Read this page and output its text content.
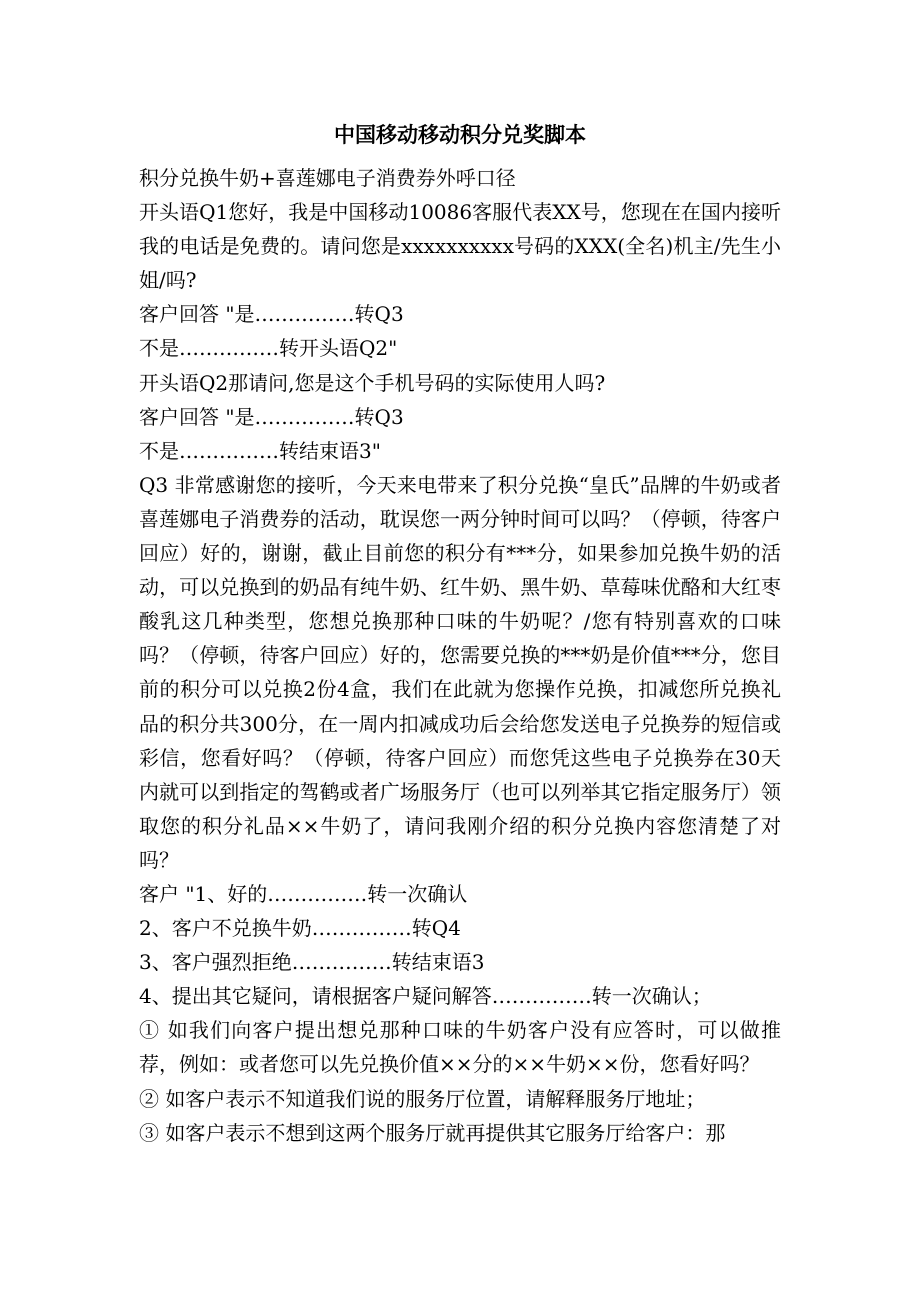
中国移动移动积分兑奖脚本

积分兑换牛奶+喜莲娜电子消费券外呼口径

开头语Q1您好，我是中国移动10086客服代表XX号，您现在在国内接听我的电话是免费的。请问您是xxxxxxxxxx号码的XXX(全名)机主/先生小姐/吗?

客户回答 "是……………转Q3

不是……………转开头语Q2"

开头语Q2那请问,您是这个手机号码的实际使用人吗?

客户回答 "是……………转Q3

不是……………转结束语3"

Q3 非常感谢您的接听，今天来电带来了积分兑换“皇氏”品牌的牛奶或者喜莲娜电子消费券的活动，耽误您一两分钟时间可以吗？（停顿，待客户回应）好的，谢谢，截止目前您的积分有***分，如果参加兑换牛奶的活动，可以兑换到的奶品有纯牛奶、红牛奶、黑牛奶、草莓味优酪和大红枣酸乳这几种类型，您想兑换那种口味的牛奶呢？/您有特别喜欢的口味吗？（停顿，待客户回应）好的，您需要兑换的***奶是价值***分，您目前的积分可以兑换2份4盒，我们在此就为您操作兑换，扣减您所兑换礼品的积分共300分，在一周内扣减成功后会给您发送电子兑换券的短信或彩信，您看好吗？（停顿，待客户回应）而您凭这些电子兑换券在30天内就可以到指定的驾鹤或者广场服务厅（也可以列举其它指定服务厅）领取您的积分礼品××牛奶了，请问我刚介绍的积分兑换内容您清楚了对吗？

客户 "1、好的……………转一次确认

2、客户不兑换牛奶……………转Q4

3、客户强烈拒绝……………转结束语3

4、提出其它疑问，请根据客户疑问解答……………转一次确认；

① 如我们向客户提出想兑那种口味的牛奶客户没有应答时，可以做推荐，例如：或者您可以先兑换价值××分的××牛奶××份，您看好吗？

② 如客户表示不知道我们说的服务厅位置，请解释服务厅地址；

③ 如客户表示不想到这两个服务厅就再提供其它服务厅给客户：那
